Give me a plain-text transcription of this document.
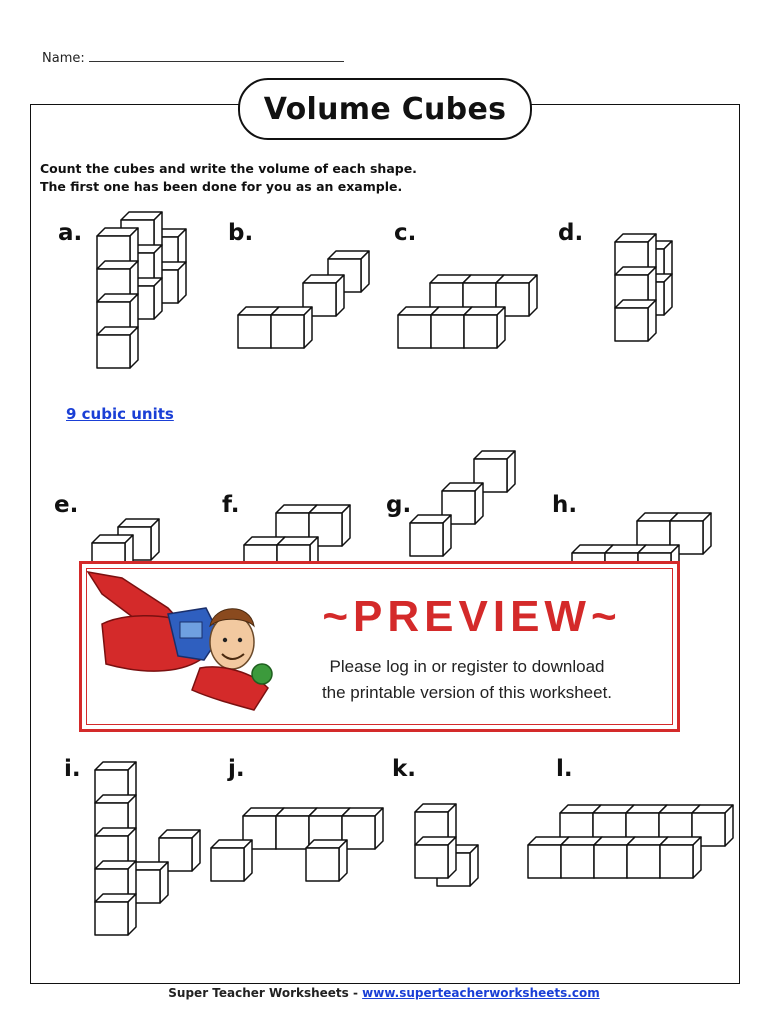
Name:
Volume Cubes
Count the cubes and write the volume of each shape.
The first one has been done for you as an example.
a.	b.	c.	d.
e.	f.	g.	h.
i.	j.	k.	l.
9 cubic units
~PREVIEW~
Please log in or register to download
the printable version of this worksheet.
Super Teacher Worksheets - www.superteacherworksheets.com
